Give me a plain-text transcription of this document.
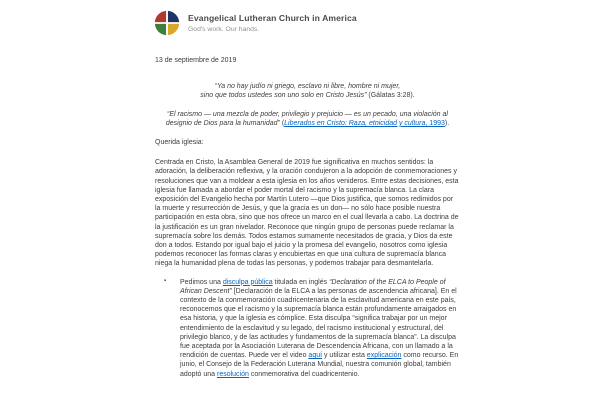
Evangelical Lutheran Church in America
God's work. Our hands.

13 de septiembre de 2019

“Ya no hay judío ni griego, esclavo ni libre, hombre ni mujer,
sino que todos ustedes son uno solo en Cristo Jesús” (Gálatas 3:28).
“El racismo — una mezcla de poder, privilegio y prejuicio — es un pecado, una violación al designio de Dios para la humanidad” (Liberados en Cristo: Raza, etnicidad y cultura, 1993).

Querida iglesia:

Centrada en Cristo, la Asamblea General de 2019 fue significativa en muchos sentidos: la adoración, la deliberación reflexiva, y la oración condujeron a la adopción de conmemoraciones y resoluciones que van a moldear a esta iglesia en los años venideros. Entre estas decisiones, esta iglesia fue llamada a abordar el poder mortal del racismo y la supremacía blanca. La clara exposición del Evangelio hecha por Martín Lutero —que Dios justifica, que somos redimidos por la muerte y resurrección de Jesús, y que la gracia es un don— no sólo hace posible nuestra participación en esta obra, sino que nos ofrece un marco en el cual llevarla a cabo. La doctrina de la justificación es un gran nivelador. Reconoce que ningún grupo de personas puede reclamar la supremacía sobre los demás. Todos estamos sumamente necesitados de gracia, y Dios da este don a todos. Estando por igual bajo el juicio y la promesa del evangelio, nosotros como iglesia podemos reconocer las formas claras y encubiertas en que una cultura de supremacía blanca niega la humanidad plena de todas las personas, y podemos trabajar para desmantelarla.

▪ Pedimos una disculpa pública titulada en inglés “Declaration of the ELCA to People of African Descent” [Declaración de la ELCA a las personas de ascendencia africana]. En el contexto de la conmemoración cuadricentenaria de la esclavitud americana en este país, reconocemos que el racismo y la supremacía blanca están profundamente arraigados en esa historia, y que la iglesia es cómplice. Esta disculpa “significa trabajar por un mejor entendimiento de la esclavitud y su legado, del racismo institucional y estructural, del privilegio blanco, y de las actitudes y fundamentos de la supremacía blanca”. La disculpa fue aceptada por la Asociación Luterana de Descendencia Africana, con un llamado a la rendición de cuentas. Puede ver el video aquí y utilizar esta explicación como recurso. En junio, el Consejo de la Federación Luterana Mundial, nuestra comunión global, también adoptó una resolución conmemorativa del cuadricentenio.
